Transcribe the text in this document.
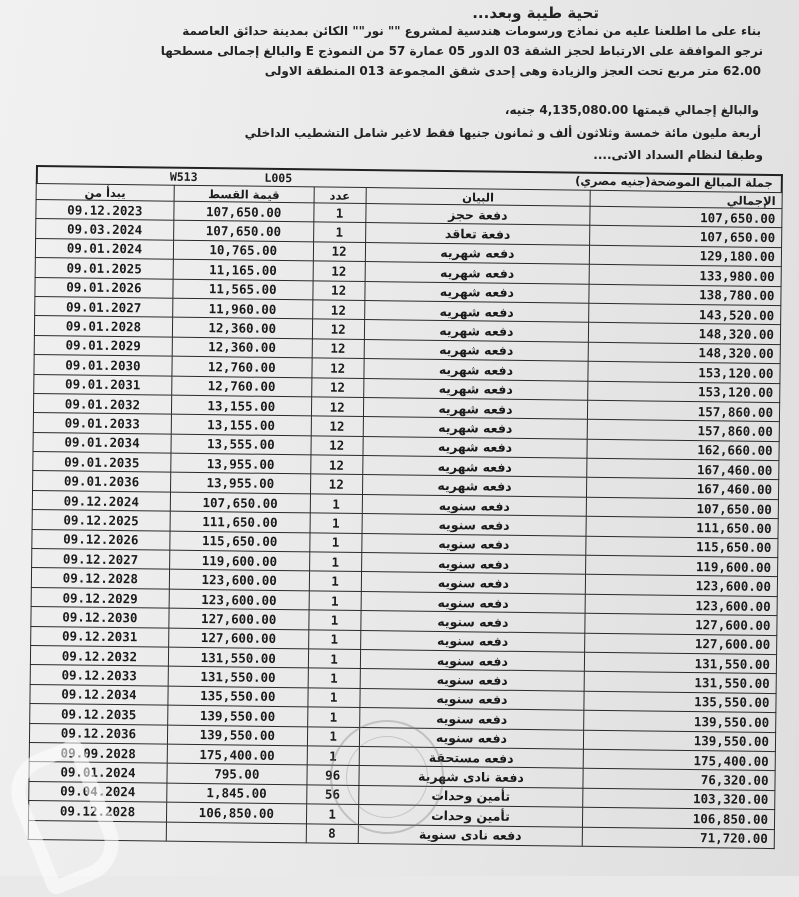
تحية طيبة وبعد...
بناء على ما اطلعنا عليه من نماذج ورسومات هندسية لمشروع "" نور"" الكائن بمدينة حدائق العاصمة
نرجو الموافقة على الارتباط لحجز الشقة 03 الدور 05 عمارة 57 من النموذج E والبالغ إجمالى مسطحها
62.00 متر مربع تحت العجز والزيادة وهى إحدى شقق المجموعة 013 المنطقة الاولى
والبالغ إجمالي قيمتها 4,135,080.00 جنيه،
أربعة مليون مائة خمسة وثلاثون ألف و ثمانون جنيها فقط لاغير شامل التشطيب الداخلي
وطبقا لنظام السداد الاتى....
W513 L005	جملة المبالغ الموضحة(جنيه مصري)
يبدأ من	قيمة القسط	عدد	البيان	الإجمالي
09.12.2023	107,650.00	1	دفعة حجز	107,650.00
09.03.2024	107,650.00	1	دفعة تعاقد	107,650.00
09.01.2024	10,765.00	12	دفعه شهريه	129,180.00
09.01.2025	11,165.00	12	دفعه شهريه	133,980.00
09.01.2026	11,565.00	12	دفعه شهريه	138,780.00
09.01.2027	11,960.00	12	دفعه شهريه	143,520.00
09.01.2028	12,360.00	12	دفعه شهريه	148,320.00
09.01.2029	12,360.00	12	دفعه شهريه	148,320.00
09.01.2030	12,760.00	12	دفعه شهريه	153,120.00
09.01.2031	12,760.00	12	دفعه شهريه	153,120.00
09.01.2032	13,155.00	12	دفعه شهريه	157,860.00
09.01.2033	13,155.00	12	دفعه شهريه	157,860.00
09.01.2034	13,555.00	12	دفعه شهريه	162,660.00
09.01.2035	13,955.00	12	دفعه شهريه	167,460.00
09.01.2036	13,955.00	12	دفعه شهريه	167,460.00
09.12.2024	107,650.00	1	دفعه سنويه	107,650.00
09.12.2025	111,650.00	1	دفعه سنويه	111,650.00
09.12.2026	115,650.00	1	دفعه سنويه	115,650.00
09.12.2027	119,600.00	1	دفعه سنويه	119,600.00
09.12.2028	123,600.00	1	دفعه سنويه	123,600.00
09.12.2029	123,600.00	1	دفعه سنويه	123,600.00
09.12.2030	127,600.00	1	دفعه سنويه	127,600.00
09.12.2031	127,600.00	1	دفعه سنويه	127,600.00
09.12.2032	131,550.00	1	دفعه سنويه	131,550.00
09.12.2033	131,550.00	1	دفعه سنويه	131,550.00
09.12.2034	135,550.00	1	دفعه سنويه	135,550.00
09.12.2035	139,550.00	1	دفعه سنويه	139,550.00
09.12.2036	139,550.00	1	دفعه سنويه	139,550.00
09.09.2028	175,400.00	1	دفعه مستحقة	175,400.00
09.01.2024	795.00	96	دفعة نادى شهرية	76,320.00
09.04.2024	1,845.00	56	تأمين وحدات	103,320.00
09.12.2028	106,850.00	1	تأمين وحدات	106,850.00
		8	دفعه نادى سنوية	71,720.00
